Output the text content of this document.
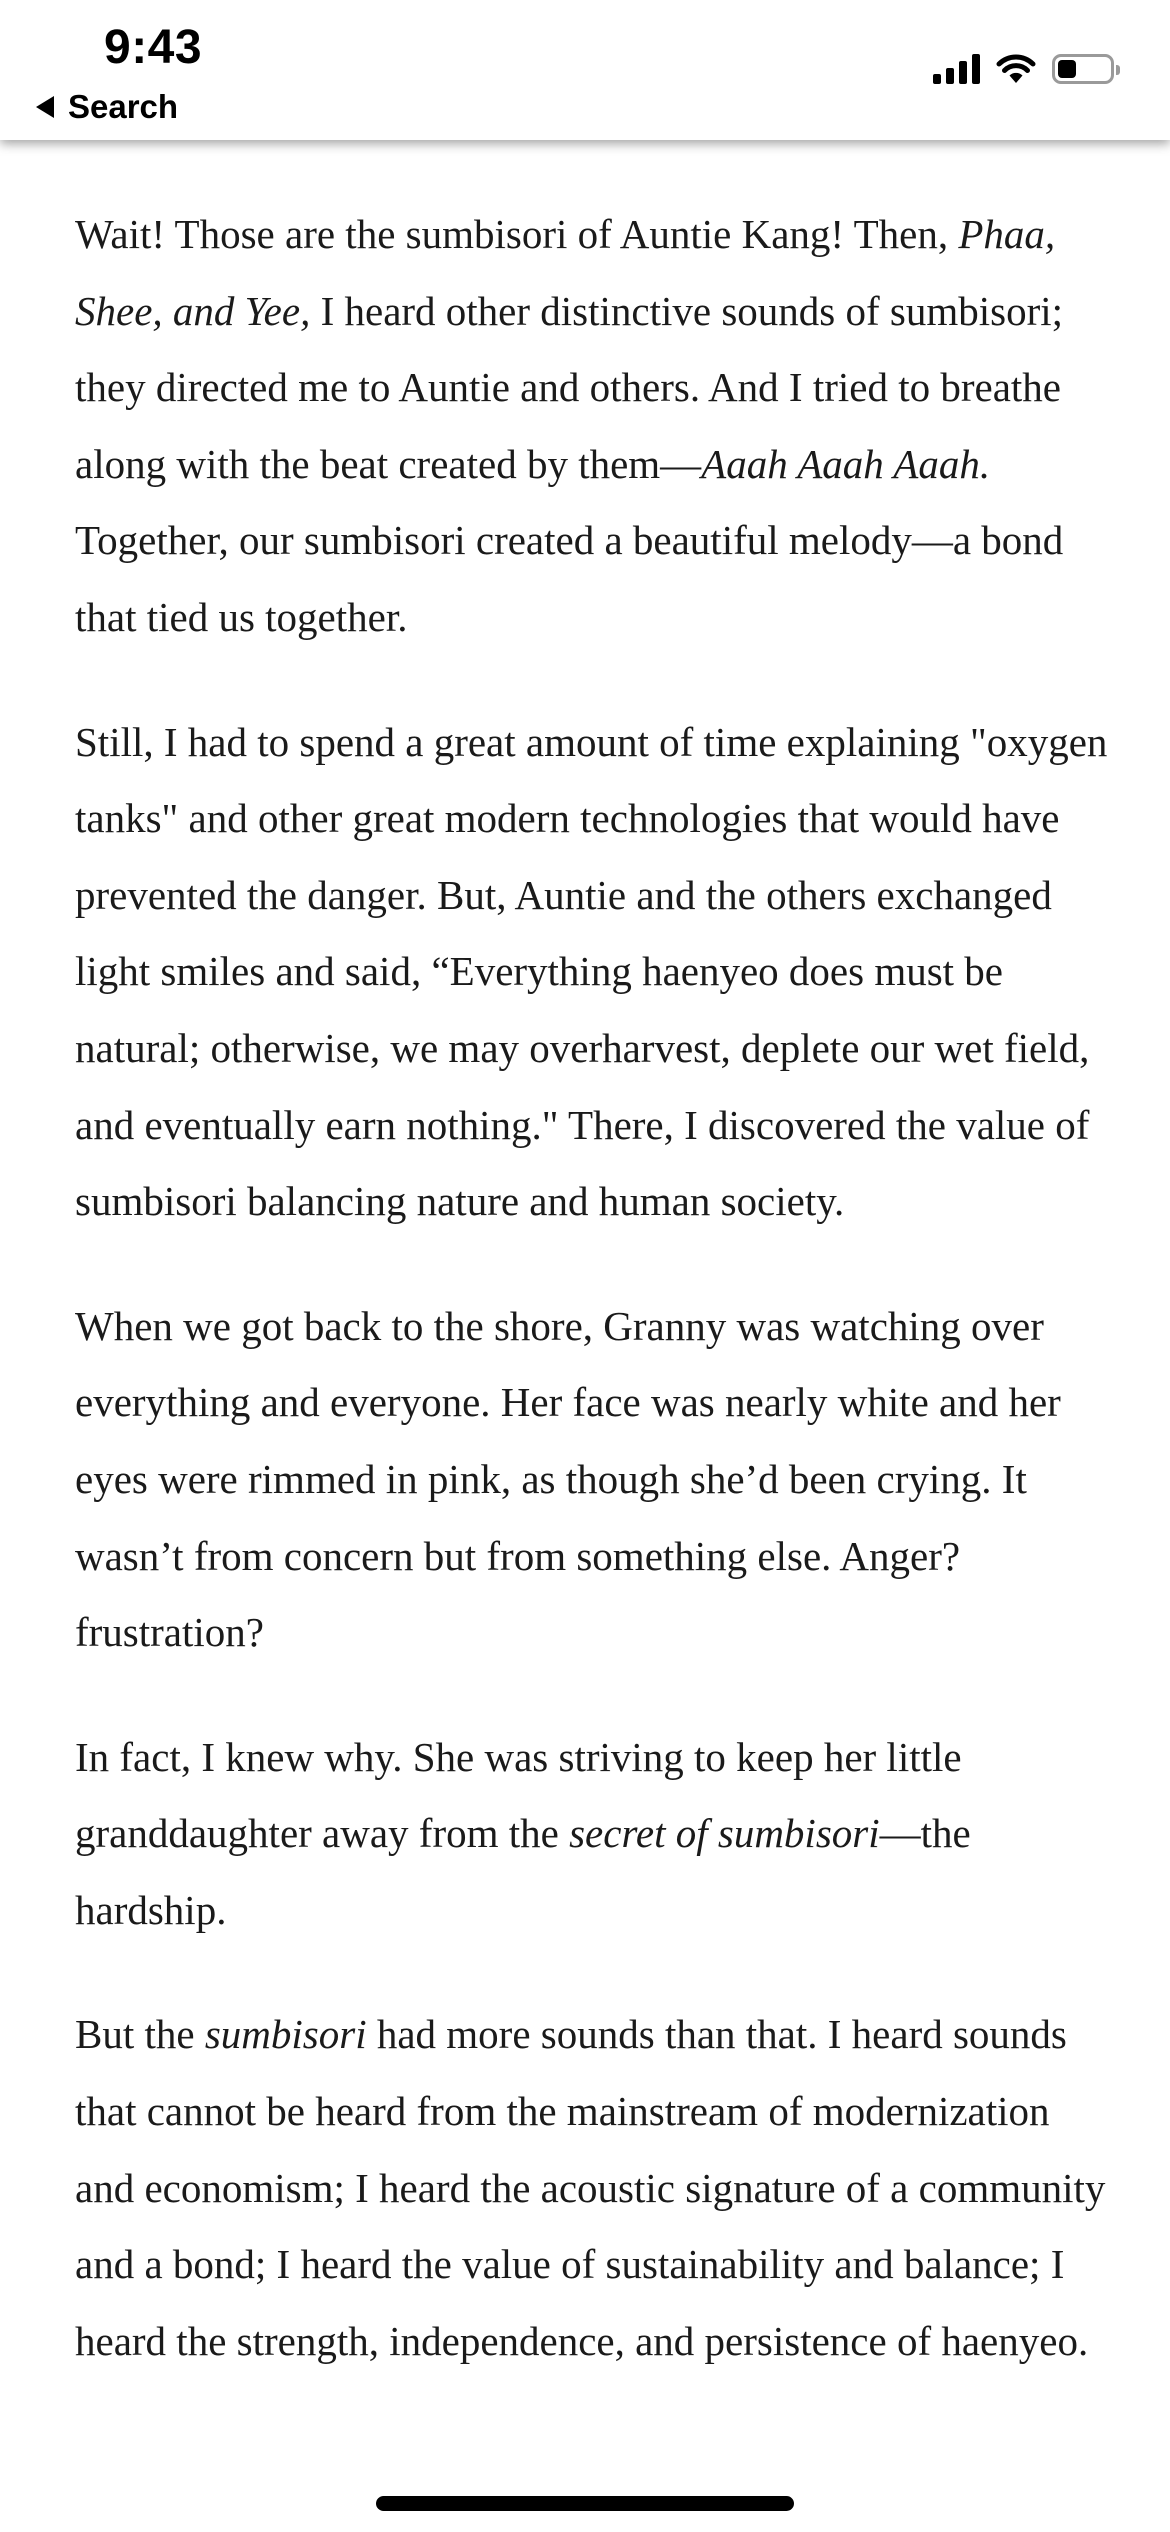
9:43
Search

Wait! Those are the sumbisori of Auntie Kang! Then, Phaa, Shee, and Yee, I heard other distinctive sounds of sumbisori; they directed me to Auntie and others. And I tried to breathe along with the beat created by them—Aaah Aaah Aaah. Together, our sumbisori created a beautiful melody—a bond that tied us together.

Still, I had to spend a great amount of time explaining "oxygen tanks" and other great modern technologies that would have prevented the danger. But, Auntie and the others exchanged light smiles and said, “Everything haenyeo does must be natural; otherwise, we may overharvest, deplete our wet field, and eventually earn nothing." There, I discovered the value of sumbisori balancing nature and human society.

When we got back to the shore, Granny was watching over everything and everyone. Her face was nearly white and her eyes were rimmed in pink, as though she’d been crying. It wasn’t from concern but from something else. Anger? frustration?

In fact, I knew why. She was striving to keep her little granddaughter away from the secret of sumbisori—the hardship.

But the sumbisori had more sounds than that. I heard sounds that cannot be heard from the mainstream of modernization and economism; I heard the acoustic signature of a community and a bond; I heard the value of sustainability and balance; I heard the strength, independence, and persistence of haenyeo.
